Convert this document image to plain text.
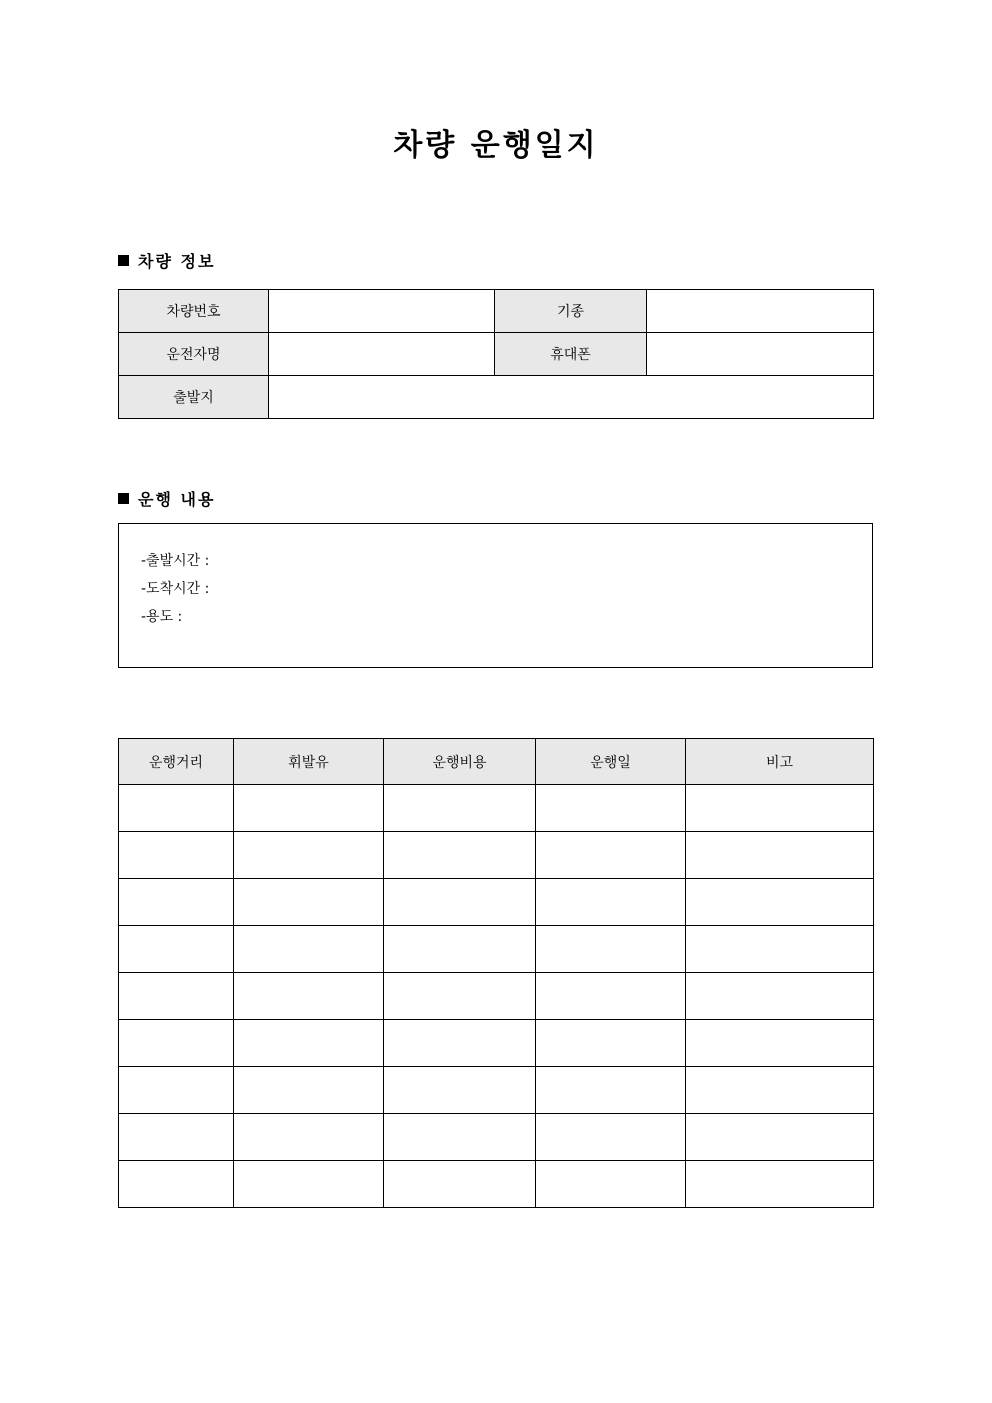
차량 운행일지
차량 정보
차량번호		기종	
운전자명		휴대폰	
출발지			
운행 내용
-출발시간 :
-도착시간 :
-용도 :
운행거리	휘발유	운행비용	운행일	비고
